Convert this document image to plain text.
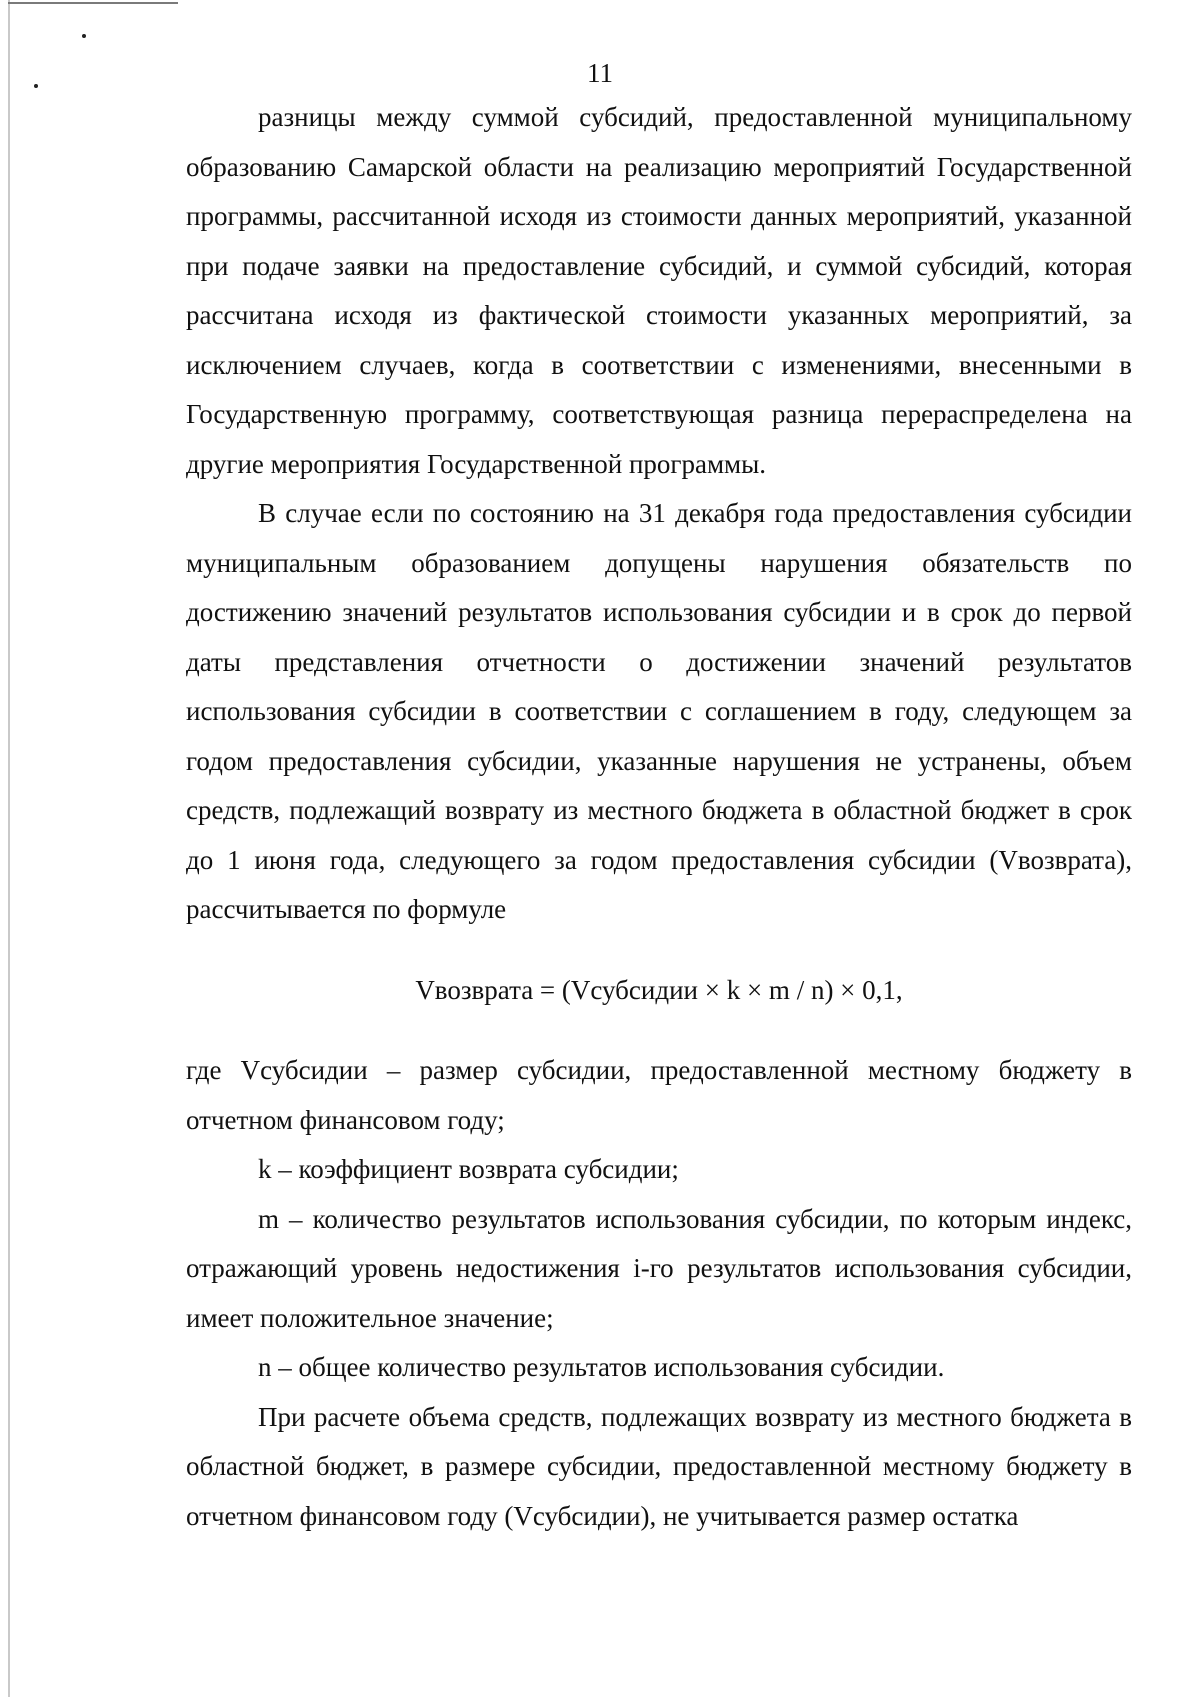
11

разницы между суммой субсидий, предоставленной муниципальному образованию Самарской области на реализацию мероприятий Государственной программы, рассчитанной исходя из стоимости данных мероприятий, указанной при подаче заявки на предоставление субсидий, и суммой субсидий, которая рассчитана исходя из фактической стоимости указанных мероприятий, за исключением случаев, когда в соответствии с изменениями, внесенными в Государственную программу, соответствующая разница перераспределена на другие мероприятия Государственной программы.

В случае если по состоянию на 31 декабря года предоставления субсидии муниципальным образованием допущены нарушения обязательств по достижению значений результатов использования субсидии и в срок до первой даты представления отчетности о достижении значений результатов использования субсидии в соответствии с соглашением в году, следующем за годом предоставления субсидии, указанные нарушения не устранены, объем средств, подлежащий возврату из местного бюджета в областной бюджет в срок до 1 июня года, следующего за годом предоставления субсидии (Vвозврата), рассчитывается по формуле

Vвозврата = (Vсубсидии × k × m / n) × 0,1,

где Vсубсидии – размер субсидии, предоставленной местному бюджету в отчетном финансовом году;

k – коэффициент возврата субсидии;

m – количество результатов использования субсидии, по которым индекс, отражающий уровень недостижения i-го результатов использования субсидии, имеет положительное значение;

n – общее количество результатов использования субсидии.

При расчете объема средств, подлежащих возврату из местного бюджета в областной бюджет, в размере субсидии, предоставленной местному бюджету в отчетном финансовом году (Vсубсидии), не учитывается размер остатка
